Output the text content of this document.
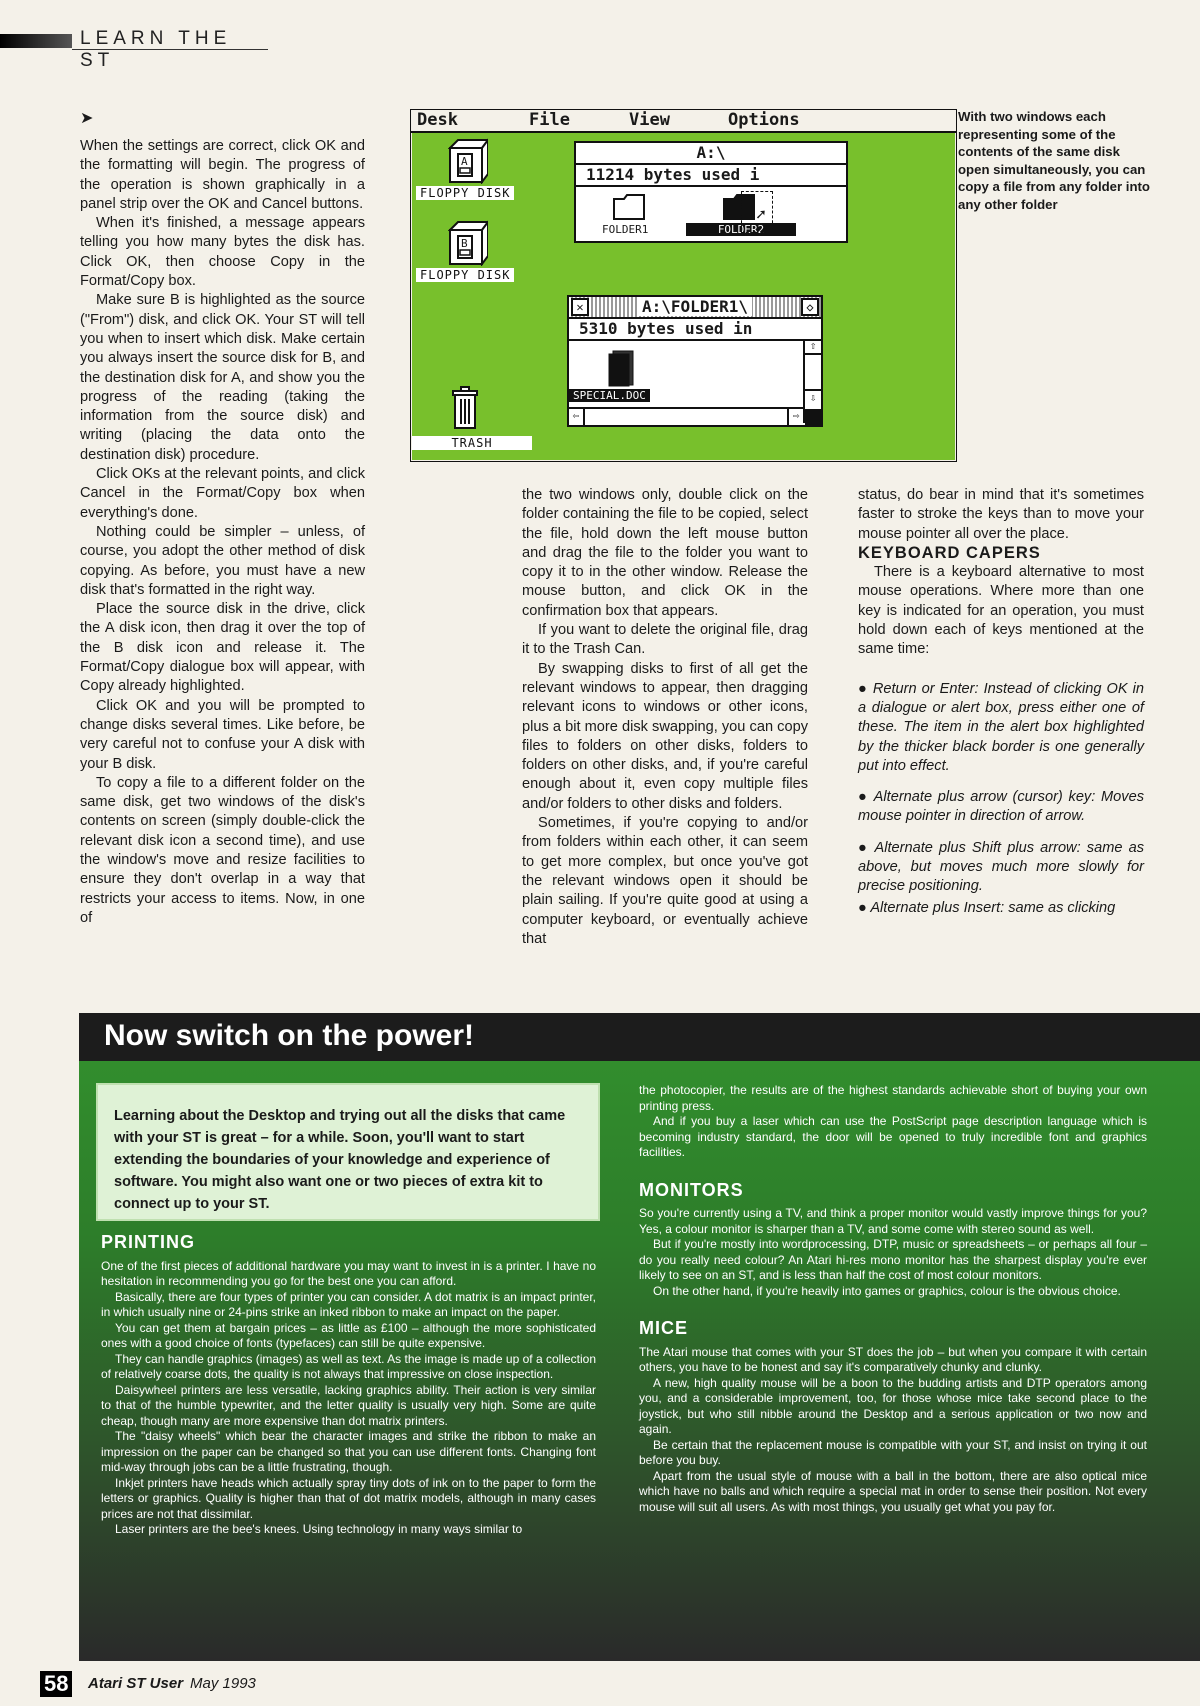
LEARN THE ST
➤

When the settings are correct, click OK and the formatting will begin. The progress of the operation is shown graphically in a panel strip over the OK and Cancel buttons.

When it's finished, a message appears telling you how many bytes the disk has. Click OK, then choose Copy in the Format/Copy box.

Make sure B is highlighted as the source ("From") disk, and click OK. Your ST will tell you when to insert which disk. Make certain you always insert the source disk for B, and the destination disk for A, and show you the progress of the reading (taking the information from the source disk) and writing (placing the data onto the destination disk) procedure.

Click OKs at the relevant points, and click Cancel in the Format/Copy box when everything's done.

Nothing could be simpler – unless, of course, you adopt the other method of disk copying. As before, you must have a new disk that's formatted in the right way.

Place the source disk in the drive, click the A disk icon, then drag it over the top of the B disk icon and release it. The Format/Copy dialogue box will appear, with Copy already highlighted.

Click OK and you will be prompted to change disks several times. Like before, be very careful not to confuse your A disk with your B disk.

To copy a file to a different folder on the same disk, get two windows of the disk's contents on screen (simply double-click the relevant disk icon a second time), and use the window's move and resize facilities to ensure they don't overlap in a way that restricts your access to items. Now, in one of

Desk	File	View	Options
A
FLOPPY DISK
B
FLOPPY DISK
TRASH
A:\
11214 bytes used i
FOLDER1	FOLDER2
➚
✕	A:\FOLDER1\	◇
5310 bytes used in
SPECIAL.DOC
⇧
⇩
⇦	⇨
With two windows each representing some of the contents of the same disk open simultaneously, you can copy a file from any folder into any other folder

the two windows only, double click on the folder containing the file to be copied, select the file, hold down the left mouse button and drag the file to the folder you want to copy it to in the other window. Release the mouse button, and click OK in the confirmation box that appears.

If you want to delete the original file, drag it to the Trash Can.

By swapping disks to first of all get the relevant windows to appear, then dragging relevant icons to windows or other icons, plus a bit more disk swapping, you can copy files to folders on other disks, folders to folders on other disks, and, if you're careful enough about it, even copy multiple files and/or folders to other disks and folders.

Sometimes, if you're copying to and/or from folders within each other, it can seem to get more complex, but once you've got the relevant windows open it should be plain sailing. If you're quite good at using a computer keyboard, or eventually achieve that

status, do bear in mind that it's sometimes faster to stroke the keys than to move your mouse pointer all over the place.

KEYBOARD CAPERS

There is a keyboard alternative to most mouse operations. Where more than one key is indicated for an operation, you must hold down each of keys mentioned at the same time:

● Return or Enter: Instead of clicking OK in a dialogue or alert box, press either one of these. The item in the alert box highlighted by the thicker black border is one generally put into effect.

● Alternate plus arrow (cursor) key: Moves mouse pointer in direction of arrow.

● Alternate plus Shift plus arrow: same as above, but moves much more slowly for precise positioning.

● Alternate plus Insert: same as clicking

Now switch on the power!

Learning about the Desktop and trying out all the disks that came with your ST is great – for a while. Soon, you'll want to start extending the boundaries of your knowledge and experience of software. You might also want one or two pieces of extra kit to connect up to your ST.

PRINTING

One of the first pieces of additional hardware you may want to invest in is a printer. I have no hesitation in recommending you go for the best one you can afford.

Basically, there are four types of printer you can consider. A dot matrix is an impact printer, in which usually nine or 24-pins strike an inked ribbon to make an impact on the paper.

You can get them at bargain prices – as little as £100 – although the more sophisticated ones with a good choice of fonts (typefaces) can still be quite expensive.

They can handle graphics (images) as well as text. As the image is made up of a collection of relatively coarse dots, the quality is not always that impressive on close inspection.

Daisywheel printers are less versatile, lacking graphics ability. Their action is very similar to that of the humble typewriter, and the letter quality is usually very high. Some are quite cheap, though many are more expensive than dot matrix printers.

The "daisy wheels" which bear the character images and strike the ribbon to make an impression on the paper can be changed so that you can use different fonts. Changing font mid-way through jobs can be a little frustrating, though.

Inkjet printers have heads which actually spray tiny dots of ink on to the paper to form the letters or graphics. Quality is higher than that of dot matrix models, although in many cases prices are not that dissimilar.

Laser printers are the bee's knees. Using technology in many ways similar to

the photocopier, the results are of the highest standards achievable short of buying your own printing press.

And if you buy a laser which can use the PostScript page description language which is becoming industry standard, the door will be opened to truly incredible font and graphics facilities.

MONITORS

So you're currently using a TV, and think a proper monitor would vastly improve things for you? Yes, a colour monitor is sharper than a TV, and some come with stereo sound as well.

But if you're mostly into wordprocessing, DTP, music or spreadsheets – or perhaps all four – do you really need colour? An Atari hi-res mono monitor has the sharpest display you're ever likely to see on an ST, and is less than half the cost of most colour monitors.

On the other hand, if you're heavily into games or graphics, colour is the obvious choice.

MICE

The Atari mouse that comes with your ST does the job – but when you compare it with certain others, you have to be honest and say it's comparatively chunky and clunky.

A new, high quality mouse will be a boon to the budding artists and DTP operators among you, and a considerable improvement, too, for those whose mice take second place to the joystick, but who still nibble around the Desktop and a serious application or two now and again.

Be certain that the replacement mouse is compatible with your ST, and insist on trying it out before you buy.

Apart from the usual style of mouse with a ball in the bottom, there are also optical mice which have no balls and which require a special mat in order to sense their position. Not every mouse will suit all users. As with most things, you usually get what you pay for.

58 Atari ST User May 1993
